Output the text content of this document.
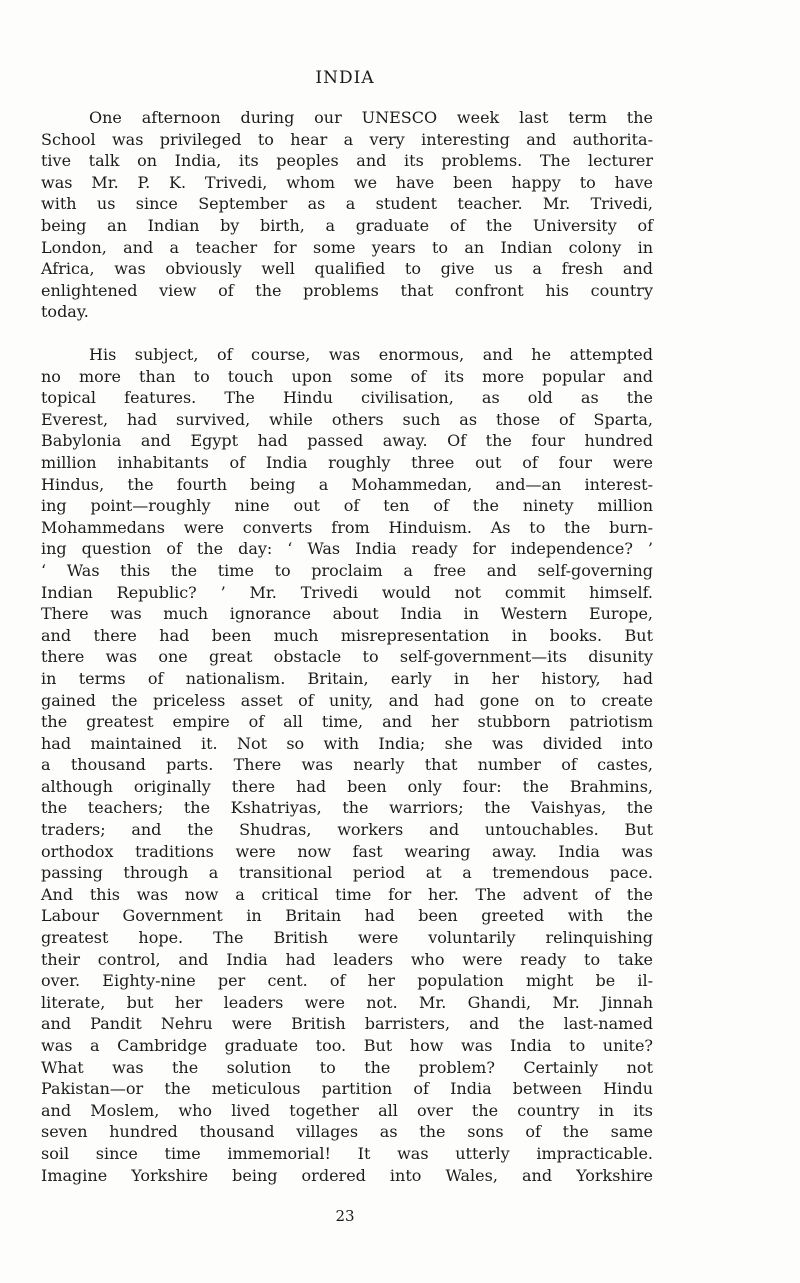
INDIA
One afternoon during our UNESCO week last term the
School was privileged to hear a very interesting and authorita-
tive talk on India, its peoples and its problems. The lecturer
was Mr. P. K. Trivedi, whom we have been happy to have
with us since September as a student teacher. Mr. Trivedi,
being an Indian by birth, a graduate of the University of
London, and a teacher for some years to an Indian colony in
Africa, was obviously well qualified to give us a fresh and
enlightened view of the problems that confront his country
today.
His subject, of course, was enormous, and he attempted
no more than to touch upon some of its more popular and
topical features. The Hindu civilisation, as old as the
Everest, had survived, while others such as those of Sparta,
Babylonia and Egypt had passed away. Of the four hundred
million inhabitants of India roughly three out of four were
Hindus, the fourth being a Mohammedan, and—an interest-
ing point—roughly nine out of ten of the ninety million
Mohammedans were converts from Hinduism. As to the burn-
ing question of the day: ‘ Was India ready for independence? ’
‘ Was this the time to proclaim a free and self-governing
Indian Republic? ’ Mr. Trivedi would not commit himself.
There was much ignorance about India in Western Europe,
and there had been much misrepresentation in books. But
there was one great obstacle to self-government—its disunity
in terms of nationalism. Britain, early in her history, had
gained the priceless asset of unity, and had gone on to create
the greatest empire of all time, and her stubborn patriotism
had maintained it. Not so with India; she was divided into
a thousand parts. There was nearly that number of castes,
although originally there had been only four: the Brahmins,
the teachers; the Kshatriyas, the warriors; the Vaishyas, the
traders; and the Shudras, workers and untouchables. But
orthodox traditions were now fast wearing away. India was
passing through a transitional period at a tremendous pace.
And this was now a critical time for her. The advent of the
Labour Government in Britain had been greeted with the
greatest hope. The British were voluntarily relinquishing
their control, and India had leaders who were ready to take
over. Eighty-nine per cent. of her population might be il-
literate, but her leaders were not. Mr. Ghandi, Mr. Jinnah
and Pandit Nehru were British barristers, and the last-named
was a Cambridge graduate too. But how was India to unite?
What was the solution to the problem? Certainly not
Pakistan—or the meticulous partition of India between Hindu
and Moslem, who lived together all over the country in its
seven hundred thousand villages as the sons of the same
soil since time immemorial! It was utterly impracticable.
Imagine Yorkshire being ordered into Wales, and Yorkshire
23
